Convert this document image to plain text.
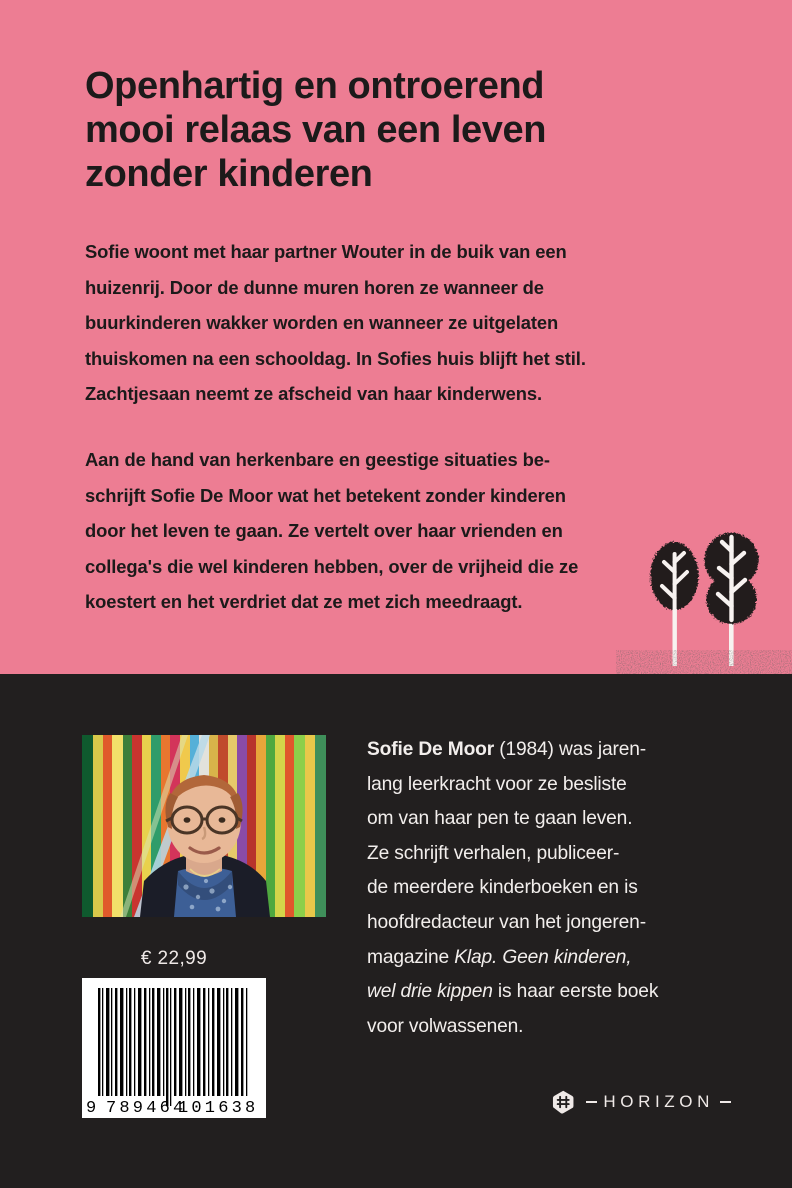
Openhartig en ontroerend
mooi relaas van een leven
zonder kinderen

Sofie woont met haar partner Wouter in de buik van een
huizenrij. Door de dunne muren horen ze wanneer de
buurkinderen wakker worden en wanneer ze uitgelaten
thuiskomen na een schooldag. In Sofies huis blijft het stil.
Zachtjesaan neemt ze afscheid van haar kinderwens.

Aan de hand van herkenbare en geestige situaties be-
schrijft Sofie De Moor wat het betekent zonder kinderen
door het leven te gaan. Ze vertelt over haar vrienden en
collega's die wel kinderen hebben, over de vrijheid die ze
koestert en het verdriet dat ze met zich meedraagt.

€ 22,99
9 789464
101638

Sofie De Moor (1984) was jaren-
lang leerkracht voor ze besliste
om van haar pen te gaan leven.
Ze schrijft verhalen, publiceer-
de meerdere kinderboeken en is
hoofdredacteur van het jongeren-
magazine Klap. Geen kinderen,
wel drie kippen is haar eerste boek
voor volwassenen.

HORIZON
